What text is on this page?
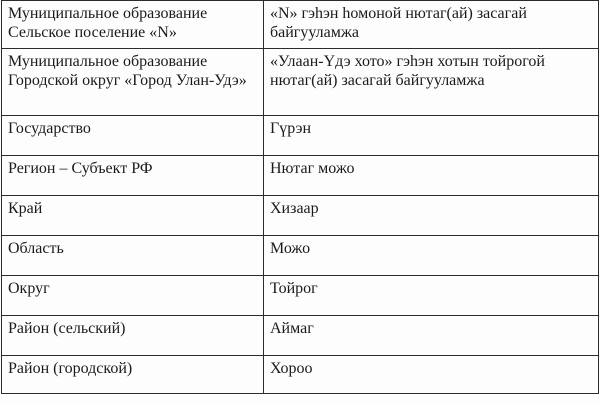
Муниципальное образование Сельское поселение «N»	«N» гэһэн hомоной нютаг(ай) засагай байгууламжа

Муниципальное образование Городской округ «Город Улан-Удэ»	«Улаан-Үдэ хото» гэһэн хотын тойрогой нютаг(ай) засагай байгууламжа

Государство	Гүрэн

Регион – Субъект РФ	Нютаг можо

Край	Хизаар

Область	Можо

Округ	Тойрог

Район (сельский)	Аймаг

Район (городской)	Хороо
